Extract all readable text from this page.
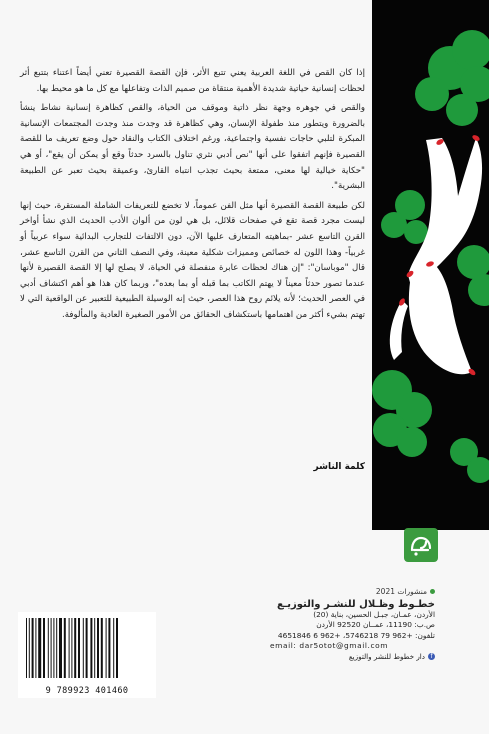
إذا كان القص في اللغة العربية يعني تتبع الأثر، فإن القصة القصيرة تعني أيضاً اعتناء بتتبع أثر لحظات إنسانية حياتية شديدة الأهمية منتقاة من صميم الذات وتفاعلها مع كل ما هو محيط بها.

والقص في جوهره وجهة نظر ذاتية وموقف من الحياة، والقص كظاهرة إنسانية نشاط ينشأ بالضرورة ويتطور منذ طفولة الإنسان، وهي كظاهرة قد وجدت منذ وجدت المجتمعات الإنسانية المبكرة لتلبي حاجات نفسية واجتماعية، ورغم اختلاف الكتاب والنقاد حول وضع تعريف ما للقصة القصيرة فإنهم اتفقوا على أنها "نص أدبي نثري تناول بالسرد حدثاً وقع أو يمكن أن يقع"، أو هي "حكاية خيالية لها معنى، ممتعة بحيث تجذب انتباه القارئ، وعميقة بحيث تعبر عن الطبيعة البشرية".

لكن طبيعة القصة القصيرة أنها مثل الفن عموماً، لا تخضع للتعريفات الشاملة المستقرة، حيث إنها ليست مجرد قصة تقع في صفحات قلائل، بل هي لون من ألوان الأدب الحديث الذي نشأ أواخر القرن التاسع عشر -بماهيته المتعارف عليها الآن، دون الالتفات للتجارب البدائية سواء عربياً أو غربياً- وهذا اللون له خصائص ومميزات شكلية معينة، وفي النصف الثاني من القرن التاسع عشر، قال "موباسان": "إن هناك لحظات عابرة منفصلة في الحياة، لا يصلح لها إلا القصة القصيرة لأنها عندما تصور حدثاً معيناً لا يهتم الكاتب بما قبله أو بما بعده"، وربما كان هذا هو أهم اكتشاف أدبي في العصر الحديث؛ لأنه يلائم روح هذا العصر، حيث إنه الوسيلة الطبيعية للتعبير عن الواقعية التي لا تهتم بشيء أكثر من اهتمامها باستكشاف الحقائق من الأمور الصغيرة العادية والمألوفة.

كلمة الناشر
منشورات 2021
خطـوط وظـلال للنشـر والتوزيـع
الأردن، عمـان، جبـل الحسين، بناية (20)
ص.ب: 11190، عمــان 92520 الأردن
تلفون: +962 79 5746218، +962 6 4651846
email: dar5otot@gmail.com
f
دار خطوط للنشر والتوزيع
9 789923 401460
